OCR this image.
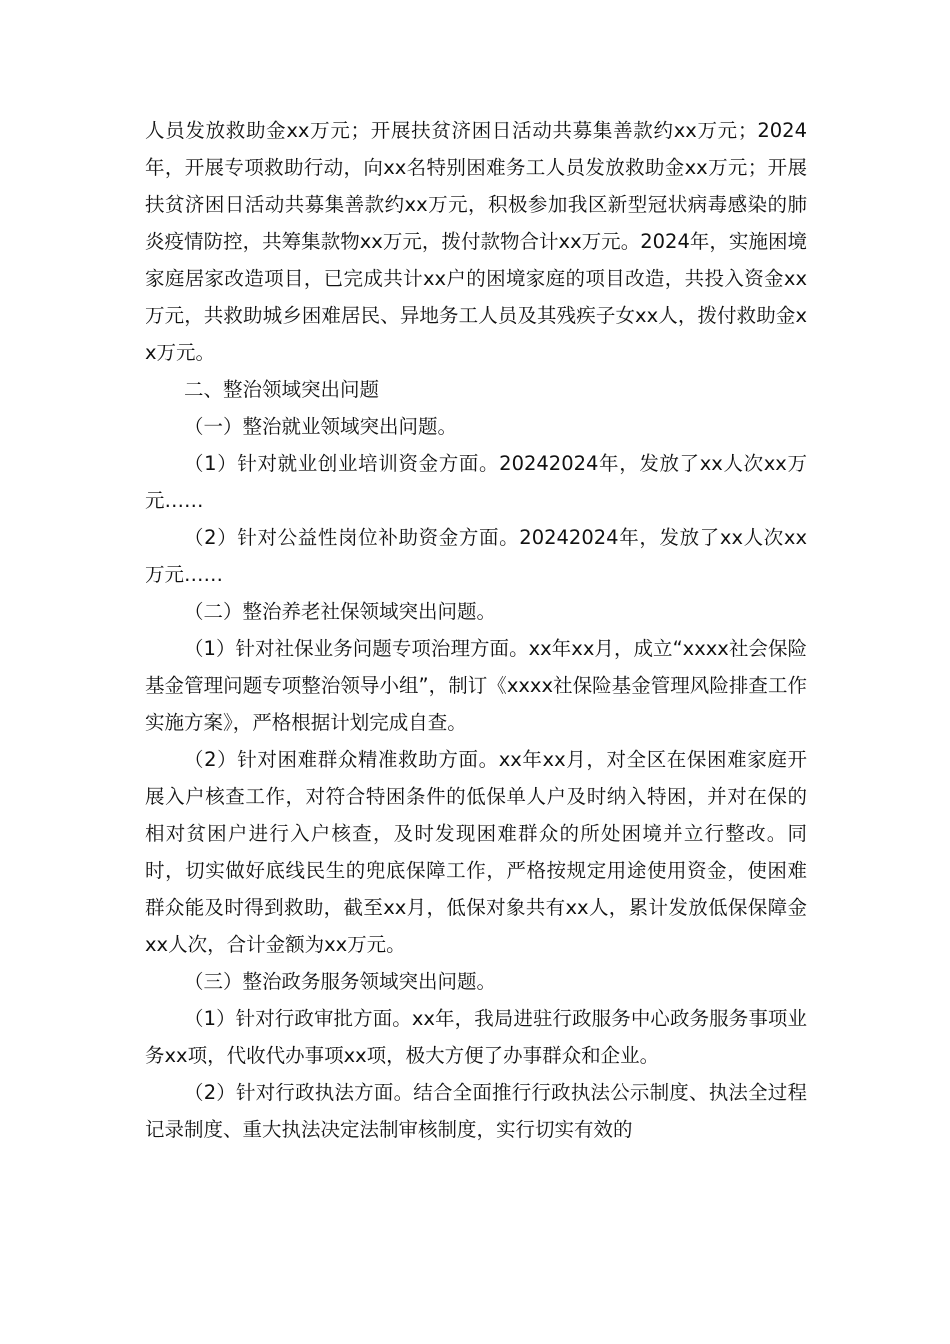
人员发放救助金xx万元；开展扶贫济困日活动共募集善款约xx万元；2024年，开展专项救助行动，向xx名特别困难务工人员发放救助金xx万元；开展扶贫济困日活动共募集善款约xx万元，积极参加我区新型冠状病毒感染的肺炎疫情防控，共筹集款物xx万元，拨付款物合计xx万元。2024年，实施困境家庭居家改造项目，已完成共计xx户的困境家庭的项目改造，共投入资金xx万元，共救助城乡困难居民、异地务工人员及其残疾子女xx人，拨付救助金xx万元。

二、整治领域突出问题

（一）整治就业领域突出问题。

（1）针对就业创业培训资金方面。20242024年，发放了xx人次xx万元……

（2）针对公益性岗位补助资金方面。20242024年，发放了xx人次xx万元……

（二）整治养老社保领域突出问题。

（1）针对社保业务问题专项治理方面。xx年xx月，成立“xxxx社会保险基金管理问题专项整治领导小组”，制订《xxxx社保险基金管理风险排查工作实施方案》，严格根据计划完成自查。

（2）针对困难群众精准救助方面。xx年xx月，对全区在保困难家庭开展入户核查工作，对符合特困条件的低保单人户及时纳入特困，并对在保的相对贫困户进行入户核查，及时发现困难群众的所处困境并立行整改。同时，切实做好底线民生的兜底保障工作，严格按规定用途使用资金，使困难群众能及时得到救助，截至xx月，低保对象共有xx人，累计发放低保保障金xx人次，合计金额为xx万元。

（三）整治政务服务领域突出问题。

（1）针对行政审批方面。xx年，我局进驻行政服务中心政务服务事项业务xx项，代收代办事项xx项，极大方便了办事群众和企业。

（2）针对行政执法方面。结合全面推行行政执法公示制度、执法全过程记录制度、重大执法决定法制审核制度，实行切实有效的
